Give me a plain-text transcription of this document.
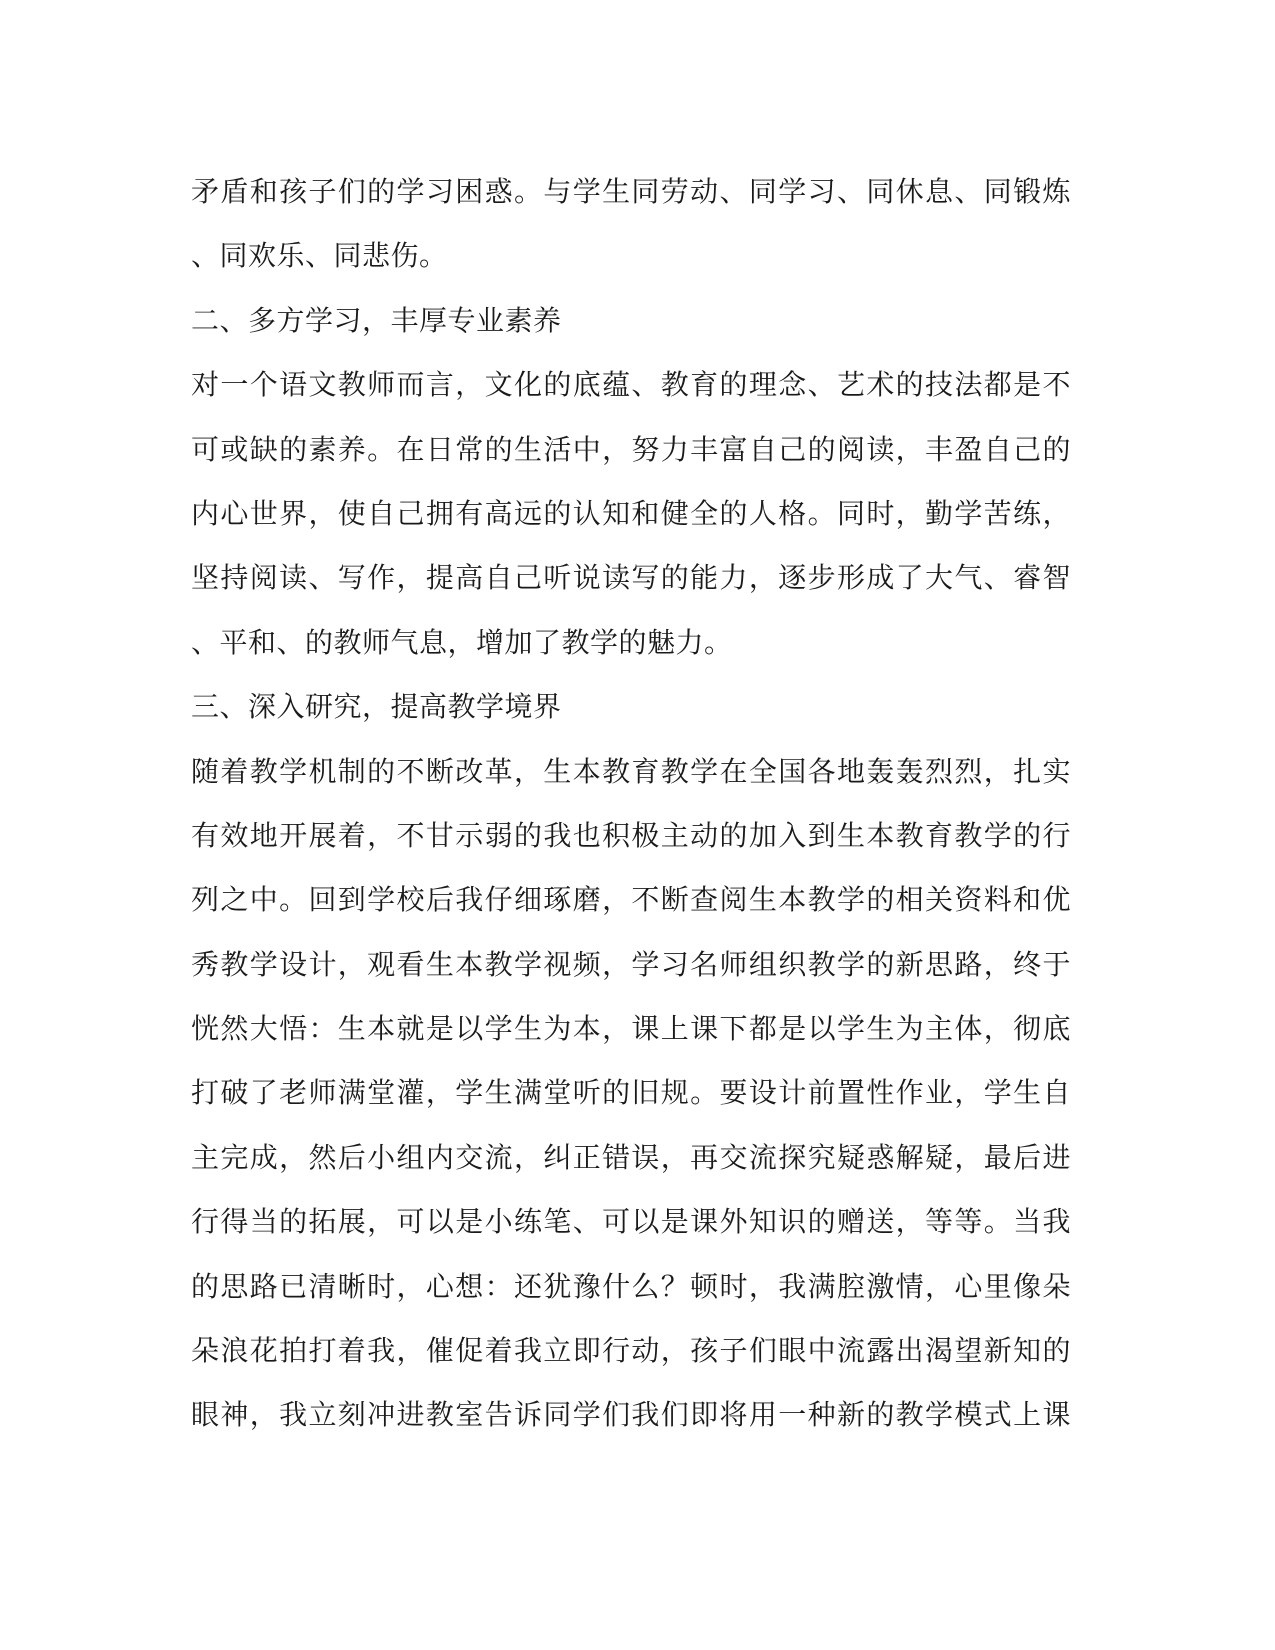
矛盾和孩子们的学习困惑。与学生同劳动、同学习、同休息、同锻炼
、同欢乐、同悲伤。
二、多方学习，丰厚专业素养
对一个语文教师而言，文化的底蕴、教育的理念、艺术的技法都是不
可或缺的素养。在日常的生活中，努力丰富自己的阅读，丰盈自己的
内心世界，使自己拥有高远的认知和健全的人格。同时，勤学苦练，
坚持阅读、写作，提高自己听说读写的能力，逐步形成了大气、睿智
、平和、的教师气息，增加了教学的魅力。
三、深入研究，提高教学境界
随着教学机制的不断改革，生本教育教学在全国各地轰轰烈烈，扎实
有效地开展着，不甘示弱的我也积极主动的加入到生本教育教学的行
列之中。回到学校后我仔细琢磨，不断查阅生本教学的相关资料和优
秀教学设计，观看生本教学视频，学习名师组织教学的新思路，终于
恍然大悟：生本就是以学生为本，课上课下都是以学生为主体，彻底
打破了老师满堂灌，学生满堂听的旧规。要设计前置性作业，学生自
主完成，然后小组内交流，纠正错误，再交流探究疑惑解疑，最后进
行得当的拓展，可以是小练笔、可以是课外知识的赠送，等等。当我
的思路已清晰时，心想：还犹豫什么？顿时，我满腔激情，心里像朵
朵浪花拍打着我，催促着我立即行动，孩子们眼中流露出渴望新知的
眼神，我立刻冲进教室告诉同学们我们即将用一种新的教学模式上课
